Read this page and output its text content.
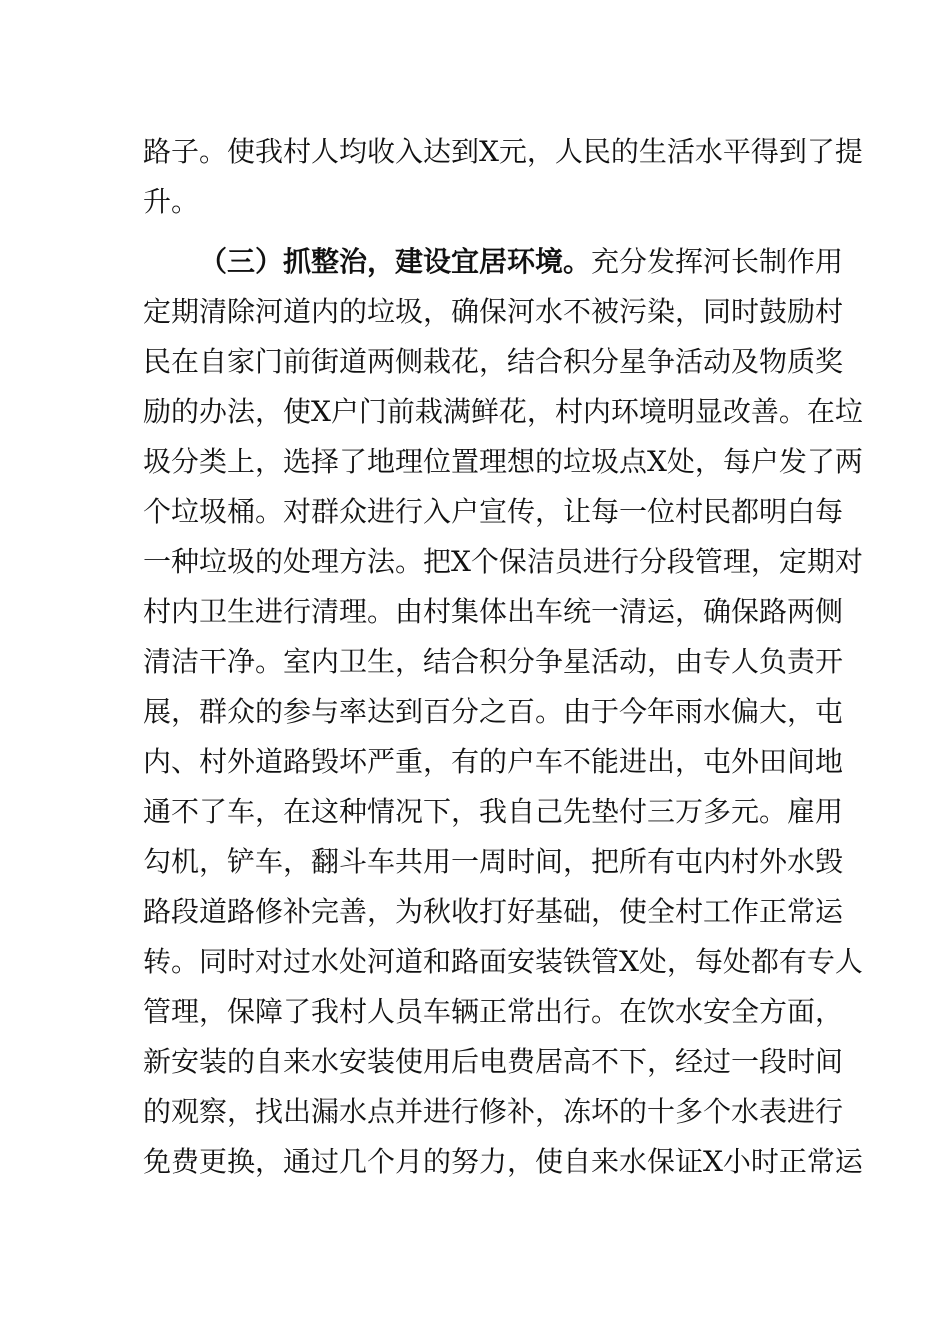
路子。使我村人均收入达到X元，人民的生活水平得到了提
升。
（三）抓整治，建设宜居环境。充分发挥河长制作用
定期清除河道内的垃圾，确保河水不被污染，同时鼓励村
民在自家门前街道两侧栽花，结合积分星争活动及物质奖
励的办法，使X户门前栽满鲜花，村内环境明显改善。在垃
圾分类上，选择了地理位置理想的垃圾点X处，每户发了两
个垃圾桶。对群众进行入户宣传，让每一位村民都明白每
一种垃圾的处理方法。把X个保洁员进行分段管理，定期对
村内卫生进行清理。由村集体出车统一清运，确保路两侧
清洁干净。室内卫生，结合积分争星活动，由专人负责开
展，群众的参与率达到百分之百。由于今年雨水偏大，屯
内、村外道路毁坏严重，有的户车不能进出，屯外田间地
通不了车，在这种情况下，我自己先垫付三万多元。雇用
勾机，铲车，翻斗车共用一周时间，把所有屯内村外水毁
路段道路修补完善，为秋收打好基础，使全村工作正常运
转。同时对过水处河道和路面安装铁管X处，每处都有专人
管理，保障了我村人员车辆正常出行。在饮水安全方面，
新安装的自来水安装使用后电费居高不下，经过一段时间
的观察，找出漏水点并进行修补，冻坏的十多个水表进行
免费更换，通过几个月的努力，使自来水保证X小时正常运
